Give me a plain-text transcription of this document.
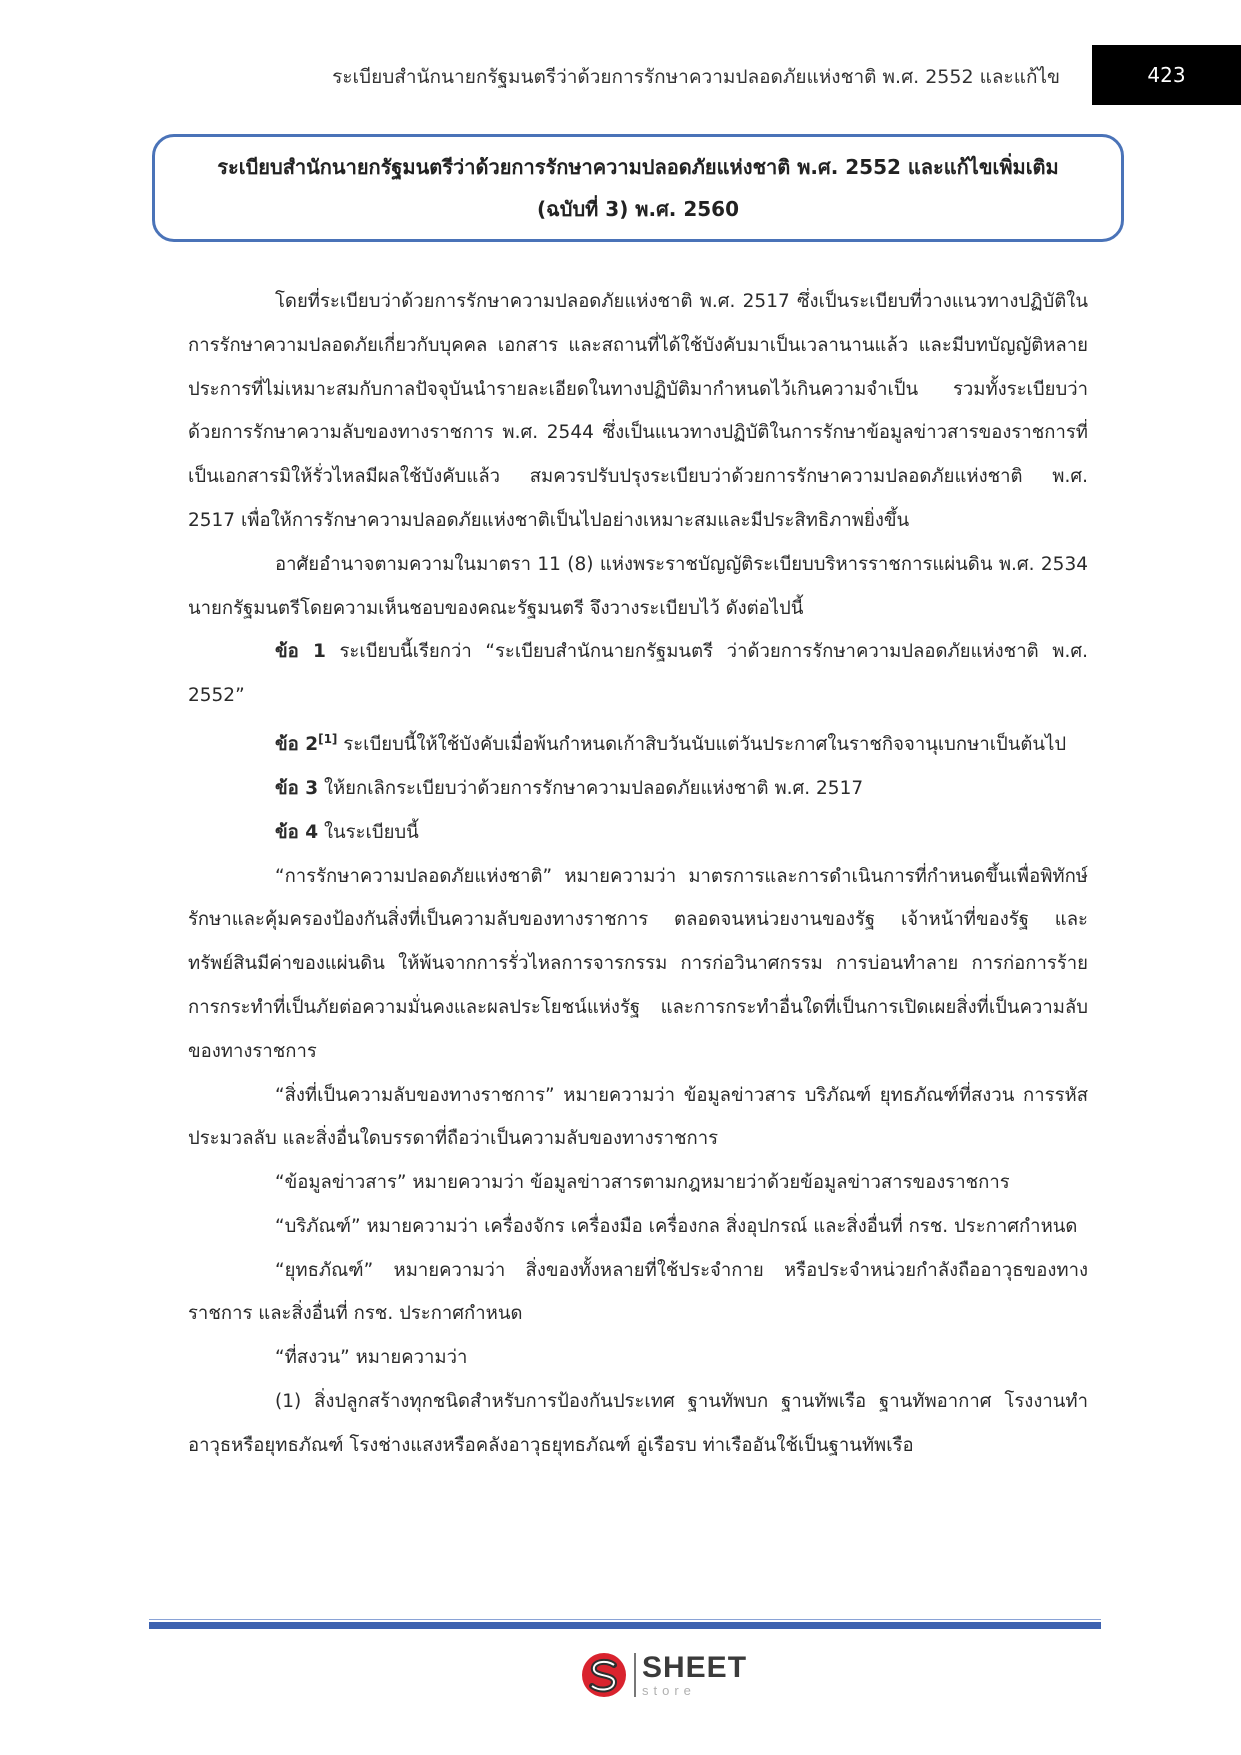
ระเบียบสำนักนายกรัฐมนตรีว่าด้วยการรักษาความปลอดภัยแห่งชาติ พ.ศ. 2552 และแก้ไข	423
ระเบียบสำนักนายกรัฐมนตรีว่าด้วยการรักษาความปลอดภัยแห่งชาติ พ.ศ. 2552 และแก้ไขเพิ่มเติม
(ฉบับที่ 3) พ.ศ. 2560

โดยที่ระเบียบว่าด้วยการรักษาความปลอดภัยแห่งชาติ พ.ศ. 2517 ซึ่งเป็นระเบียบที่วางแนวทางปฏิบัติในการรักษาความปลอดภัยเกี่ยวกับบุคคล เอกสาร และสถานที่ได้ใช้บังคับมาเป็นเวลานานแล้ว และมีบทบัญญัติหลายประการที่ไม่เหมาะสมกับกาลปัจจุบันนำรายละเอียดในทางปฏิบัติมากำหนดไว้เกินความจำเป็น รวมทั้งระเบียบว่าด้วยการรักษาความลับของทางราชการ พ.ศ. 2544 ซึ่งเป็นแนวทางปฏิบัติในการรักษาข้อมูลข่าวสารของราชการที่เป็นเอกสารมิให้รั่วไหลมีผลใช้บังคับแล้ว สมควรปรับปรุงระเบียบว่าด้วยการรักษาความปลอดภัยแห่งชาติ พ.ศ. 2517 เพื่อให้การรักษาความปลอดภัยแห่งชาติเป็นไปอย่างเหมาะสมและมีประสิทธิภาพยิ่งขึ้น

อาศัยอำนาจตามความในมาตรา 11 (8) แห่งพระราชบัญญัติระเบียบบริหารราชการแผ่นดิน พ.ศ. 2534 นายกรัฐมนตรีโดยความเห็นชอบของคณะรัฐมนตรี จึงวางระเบียบไว้ ดังต่อไปนี้

ข้อ 1 ระเบียบนี้เรียกว่า “ระเบียบสำนักนายกรัฐมนตรี ว่าด้วยการรักษาความปลอดภัยแห่งชาติ พ.ศ. 2552”

ข้อ 2[1] ระเบียบนี้ให้ใช้บังคับเมื่อพ้นกำหนดเก้าสิบวันนับแต่วันประกาศในราชกิจจานุเบกษาเป็นต้นไป

ข้อ 3 ให้ยกเลิกระเบียบว่าด้วยการรักษาความปลอดภัยแห่งชาติ พ.ศ. 2517

ข้อ 4 ในระเบียบนี้

“การรักษาความปลอดภัยแห่งชาติ” หมายความว่า มาตรการและการดำเนินการที่กำหนดขึ้นเพื่อพิทักษ์รักษาและคุ้มครองป้องกันสิ่งที่เป็นความลับของทางราชการ ตลอดจนหน่วยงานของรัฐ เจ้าหน้าที่ของรัฐ และทรัพย์สินมีค่าของแผ่นดิน ให้พ้นจากการรั่วไหลการจารกรรม การก่อวินาศกรรม การบ่อนทำลาย การก่อการร้าย การกระทำที่เป็นภัยต่อความมั่นคงและผลประโยชน์แห่งรัฐ และการกระทำอื่นใดที่เป็นการเปิดเผยสิ่งที่เป็นความลับของทางราชการ

“สิ่งที่เป็นความลับของทางราชการ” หมายความว่า ข้อมูลข่าวสาร บริภัณฑ์ ยุทธภัณฑ์ที่สงวน การรหัส ประมวลลับ และสิ่งอื่นใดบรรดาที่ถือว่าเป็นความลับของทางราชการ

“ข้อมูลข่าวสาร” หมายความว่า ข้อมูลข่าวสารตามกฎหมายว่าด้วยข้อมูลข่าวสารของราชการ

“บริภัณฑ์” หมายความว่า เครื่องจักร เครื่องมือ เครื่องกล สิ่งอุปกรณ์ และสิ่งอื่นที่ กรช. ประกาศกำหนด

“ยุทธภัณฑ์” หมายความว่า สิ่งของทั้งหลายที่ใช้ประจำกาย หรือประจำหน่วยกำลังถืออาวุธของทางราชการ และสิ่งอื่นที่ กรช. ประกาศกำหนด

“ที่สงวน” หมายความว่า

(1) สิ่งปลูกสร้างทุกชนิดสำหรับการป้องกันประเทศ ฐานทัพบก ฐานทัพเรือ ฐานทัพอากาศ โรงงานทำอาวุธหรือยุทธภัณฑ์ โรงช่างแสงหรือคลังอาวุธยุทธภัณฑ์ อู่เรือรบ ท่าเรืออันใช้เป็นฐานทัพเรือ

SHEET
store
